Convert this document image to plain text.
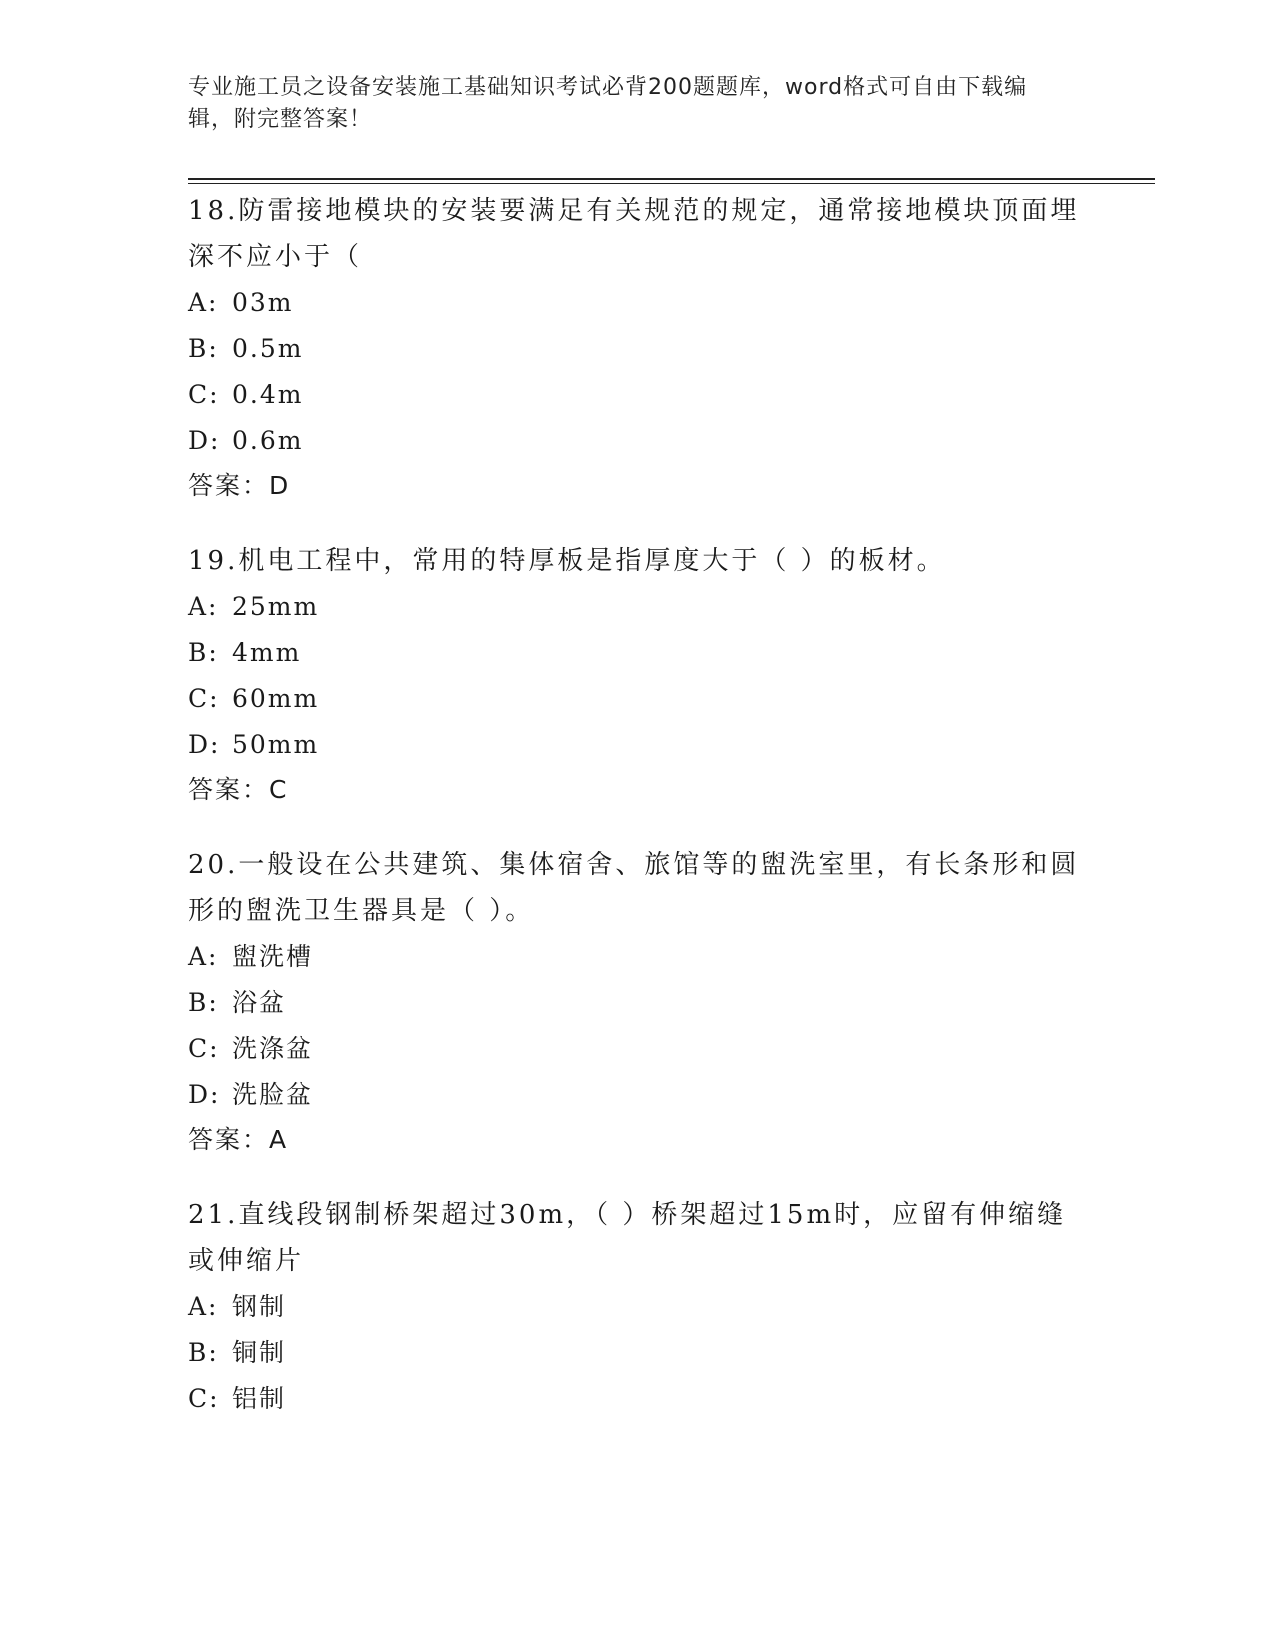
专业施工员之设备安装施工基础知识考试必背200题题库，word格式可自由下载编辑，附完整答案！

18.防雷接地模块的安装要满足有关规范的规定，通常接地模块顶面埋深不应小于（

A: 03m

B: 0.5m

C: 0.4m

D: 0.6m

答案：D

19.机电工程中，常用的特厚板是指厚度大于（ ）的板材。

A: 25mm

B: 4mm

C: 60mm

D: 50mm

答案：C

20.一般设在公共建筑、集体宿舍、旅馆等的盥洗室里，有长条形和圆形的盥洗卫生器具是（ ）。

A: 盥洗槽

B: 浴盆

C: 洗涤盆

D: 洗脸盆

答案：A

21.直线段钢制桥架超过30m，（ ）桥架超过15m时，应留有伸缩缝或伸缩片

A: 钢制

B: 铜制

C: 铝制
